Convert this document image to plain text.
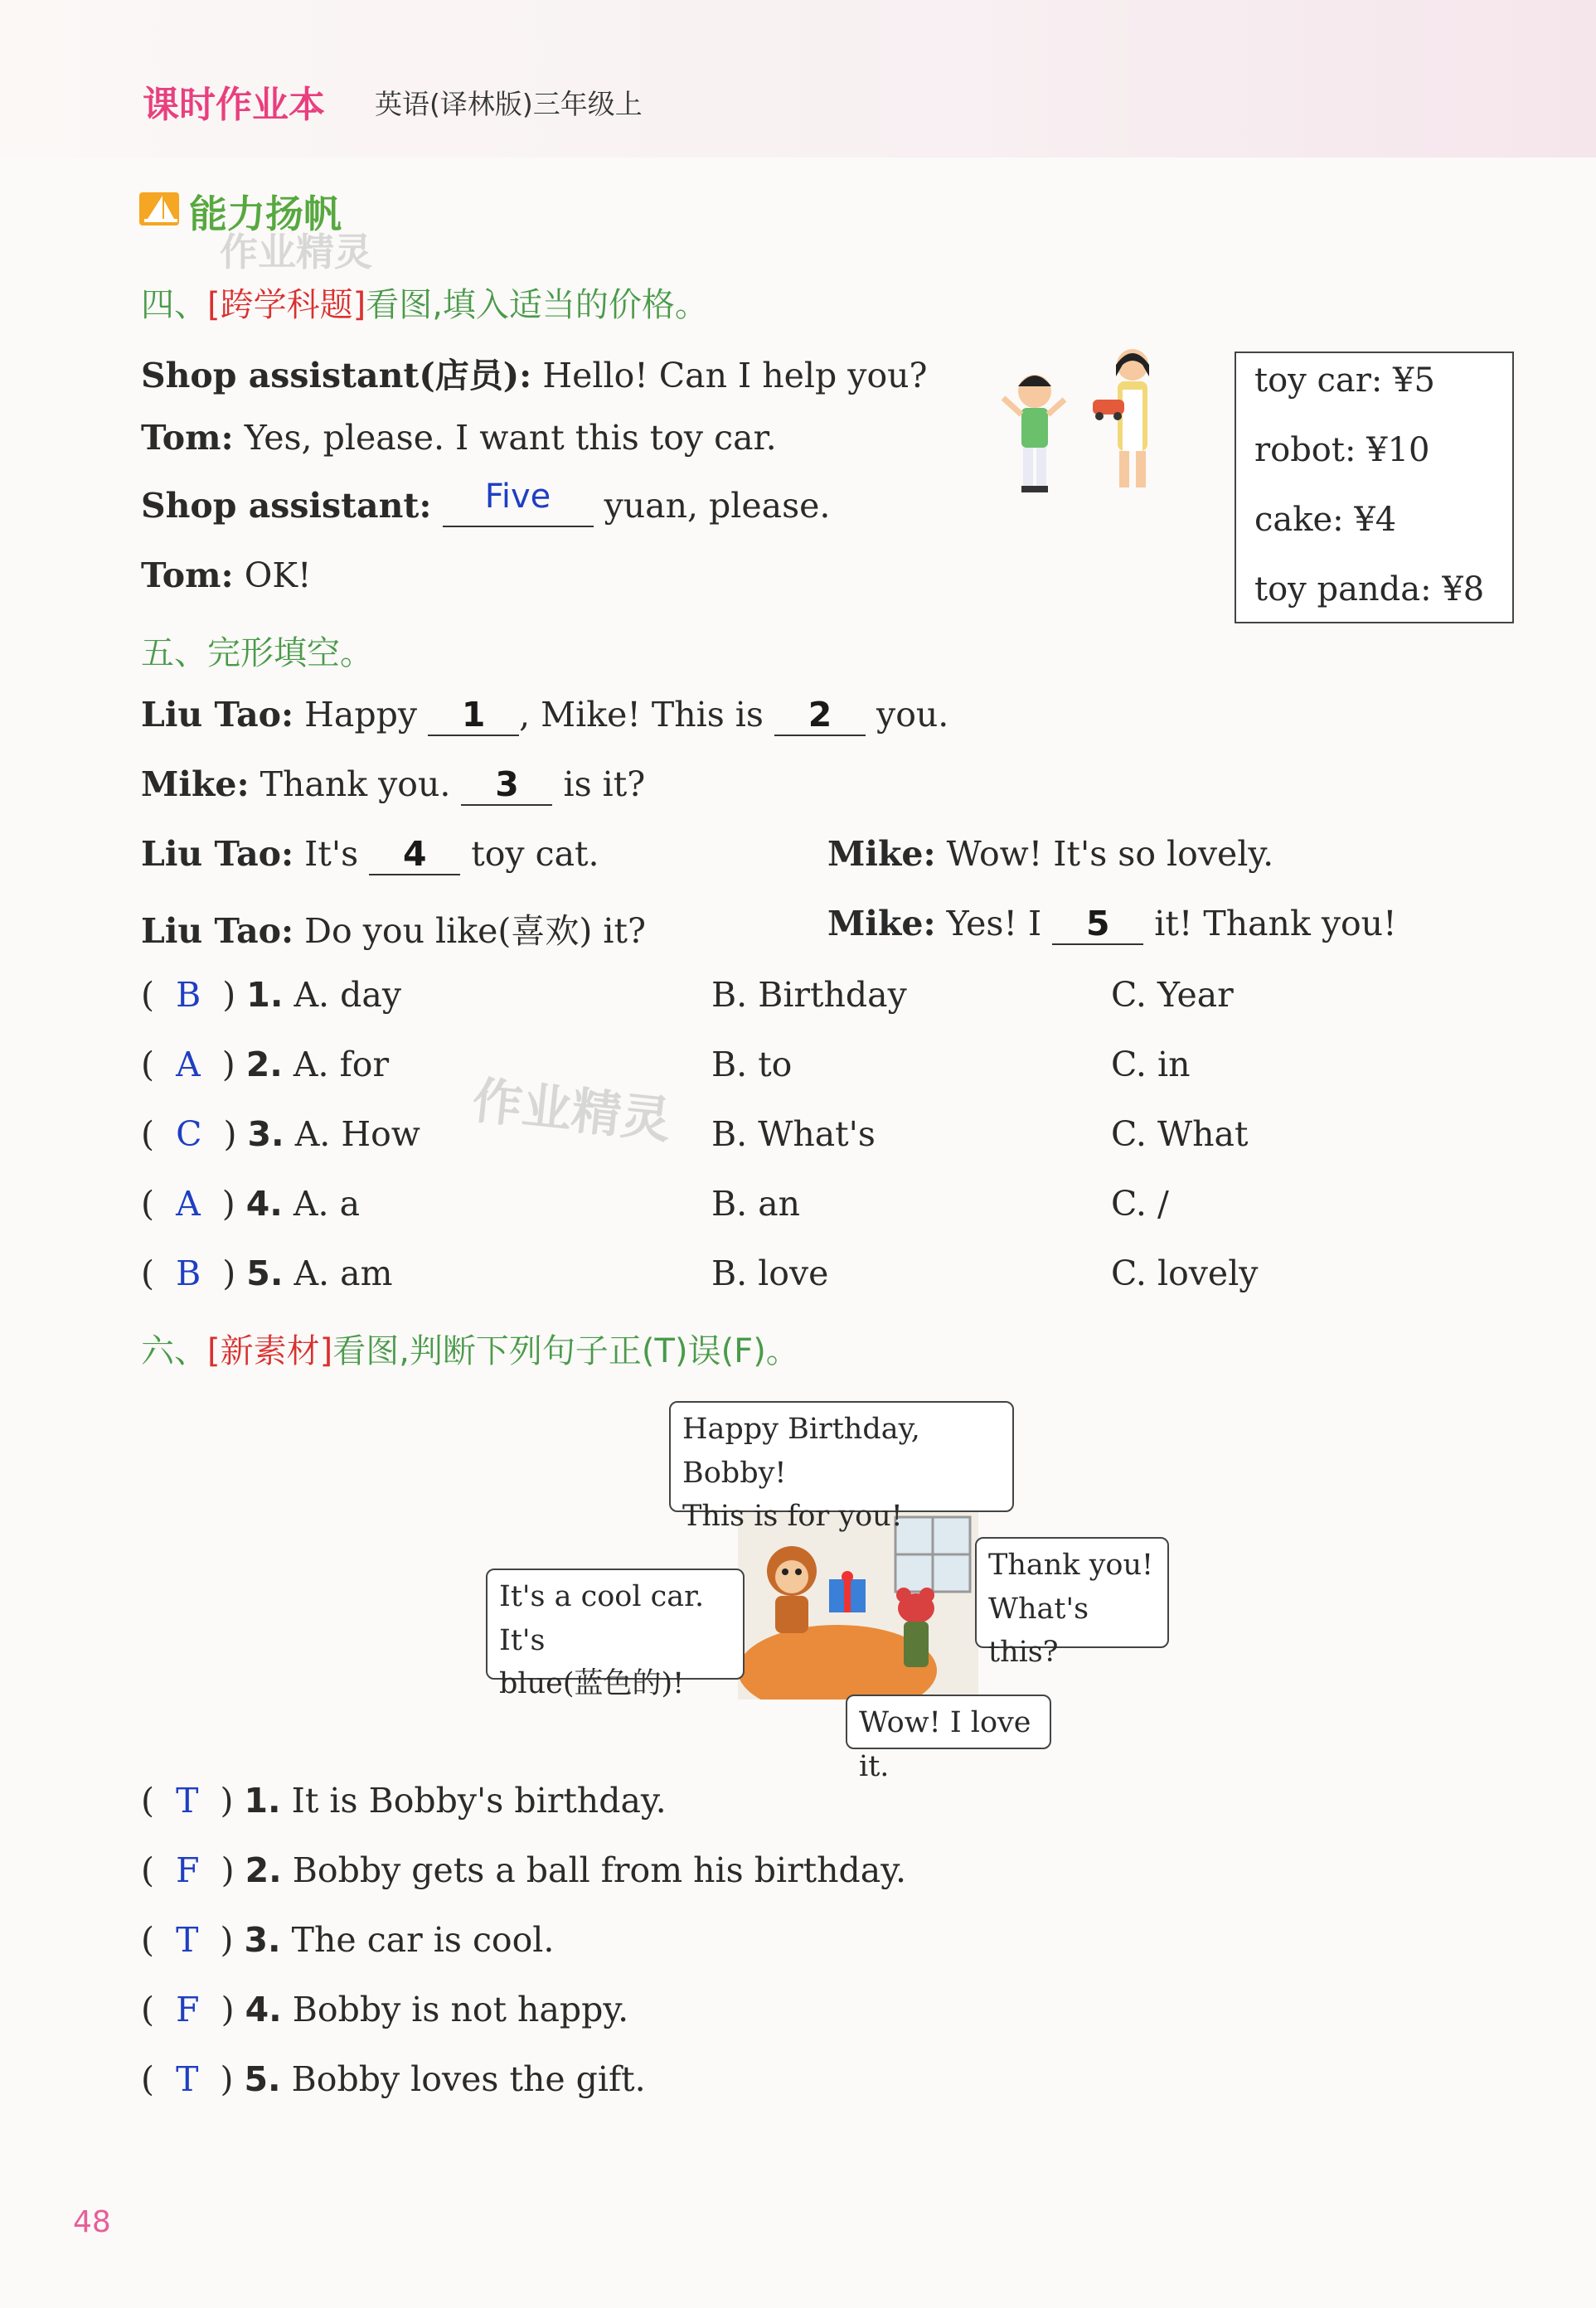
课时作业本 英语(译林版)三年级上
能力扬帆
作业精灵
四、[跨学科题]看图,填入适当的价格。
Shop assistant(店员): Hello! Can I help you?
Tom: Yes, please. I want this toy car.
Shop assistant: Five yuan, please.
Tom: OK!
toy car: ¥5
robot: ¥10
cake: ¥4
toy panda: ¥8
五、完形填空。
Liu Tao: Happy 1 , Mike! This is 2 you.
Mike: Thank you. 3 is it?
Liu Tao: It's 4 toy cat.	Mike: Wow! It's so lovely.
Liu Tao: Do you like(喜欢) it?	Mike: Yes! I 5 it! Thank you!
(  B  ) 1. A. day	B. Birthday	C. Year
(  A  ) 2. A. for	B. to	C. in
作业精灵
(  C  ) 3. A. How	B. What's	C. What
(  A  ) 4. A. a	B. an	C. /
(  B  ) 5. A. am	B. love	C. lovely
六、[新素材]看图,判断下列句子正(T)误(F)。
Happy Birthday, Bobby!
This is for you!
It's a cool car. It's
blue(蓝色的)!
Thank you!
What's this?
Wow! I love it.
(  T  ) 1. It is Bobby's birthday.
(  F  ) 2. Bobby gets a ball from his birthday.
(  T  ) 3. The car is cool.
(  F  ) 4. Bobby is not happy.
(  T  ) 5. Bobby loves the gift.
48
